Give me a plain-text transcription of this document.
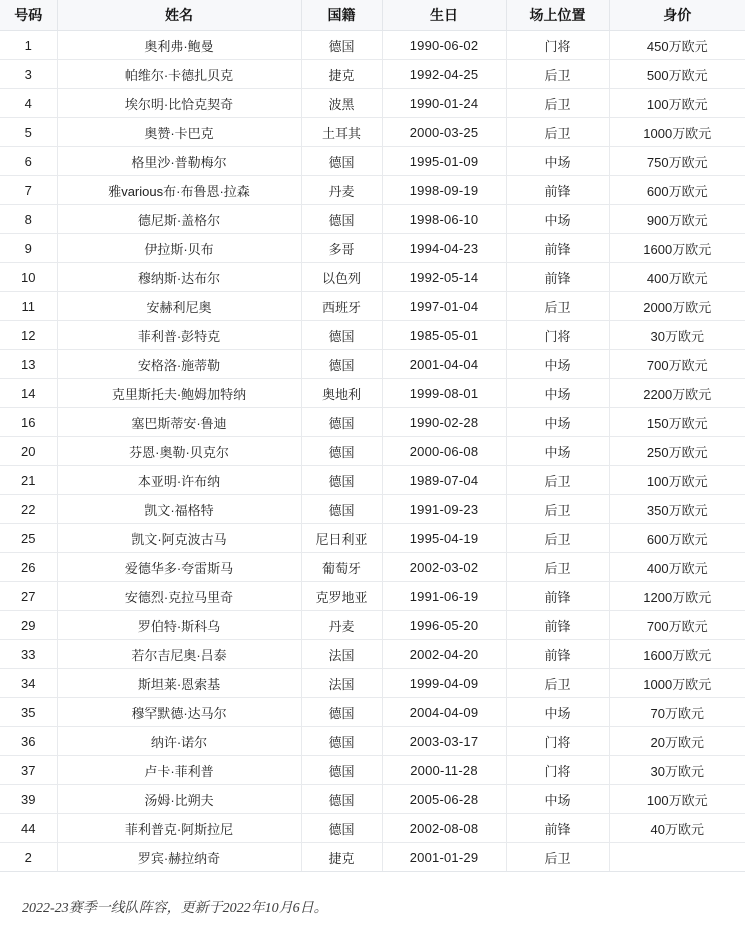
号码	姓名	国籍	生日	场上位置	身价
1	奥利弗·鲍曼	德国	1990-06-02	门将	450万欧元
3	帕维尔·卡德扎贝克	捷克	1992-04-25	后卫	500万欧元
4	埃尔明·比恰克契奇	波黑	1990-01-24	后卫	100万欧元
5	奥赞·卡巴克	土耳其	2000-03-25	后卫	1000万欧元
6	格里沙·普勒梅尔	德国	1995-01-09	中场	750万欧元
7	雅various布·布鲁恩·拉森	丹麦	1998-09-19	前锋	600万欧元
8	德尼斯·盖格尔	德国	1998-06-10	中场	900万欧元
9	伊拉斯·贝布	多哥	1994-04-23	前锋	1600万欧元
10	穆纳斯·达布尔	以色列	1992-05-14	前锋	400万欧元
11	安赫利尼奥	西班牙	1997-01-04	后卫	2000万欧元
12	菲利普·彭特克	德国	1985-05-01	门将	30万欧元
13	安格洛·施蒂勒	德国	2001-04-04	中场	700万欧元
14	克里斯托夫·鲍姆加特纳	奥地利	1999-08-01	中场	2200万欧元
16	塞巴斯蒂安·鲁迪	德国	1990-02-28	中场	150万欧元
20	芬恩·奥勒·贝克尔	德国	2000-06-08	中场	250万欧元
21	本亚明·许布纳	德国	1989-07-04	后卫	100万欧元
22	凯文·福格特	德国	1991-09-23	后卫	350万欧元
25	凯文·阿克波古马	尼日利亚	1995-04-19	后卫	600万欧元
26	爱德华多·夸雷斯马	葡萄牙	2002-03-02	后卫	400万欧元
27	安德烈·克拉马里奇	克罗地亚	1991-06-19	前锋	1200万欧元
29	罗伯特·斯科乌	丹麦	1996-05-20	前锋	700万欧元
33	若尔吉尼奥·吕泰	法国	2002-04-20	前锋	1600万欧元
34	斯坦莱·恩索基	法国	1999-04-09	后卫	1000万欧元
35	穆罕默德·达马尔	德国	2004-04-09	中场	70万欧元
36	纳许·诺尔	德国	2003-03-17	门将	20万欧元
37	卢卡·菲利普	德国	2000-11-28	门将	30万欧元
39	汤姆·比朔夫	德国	2005-06-28	中场	100万欧元
44	菲利普克·阿斯拉尼	德国	2002-08-08	前锋	40万欧元
2	罗宾·赫拉纳奇	捷克	2001-01-29	后卫	
2022-23赛季一线队阵容，更新于2022年10月6日。
